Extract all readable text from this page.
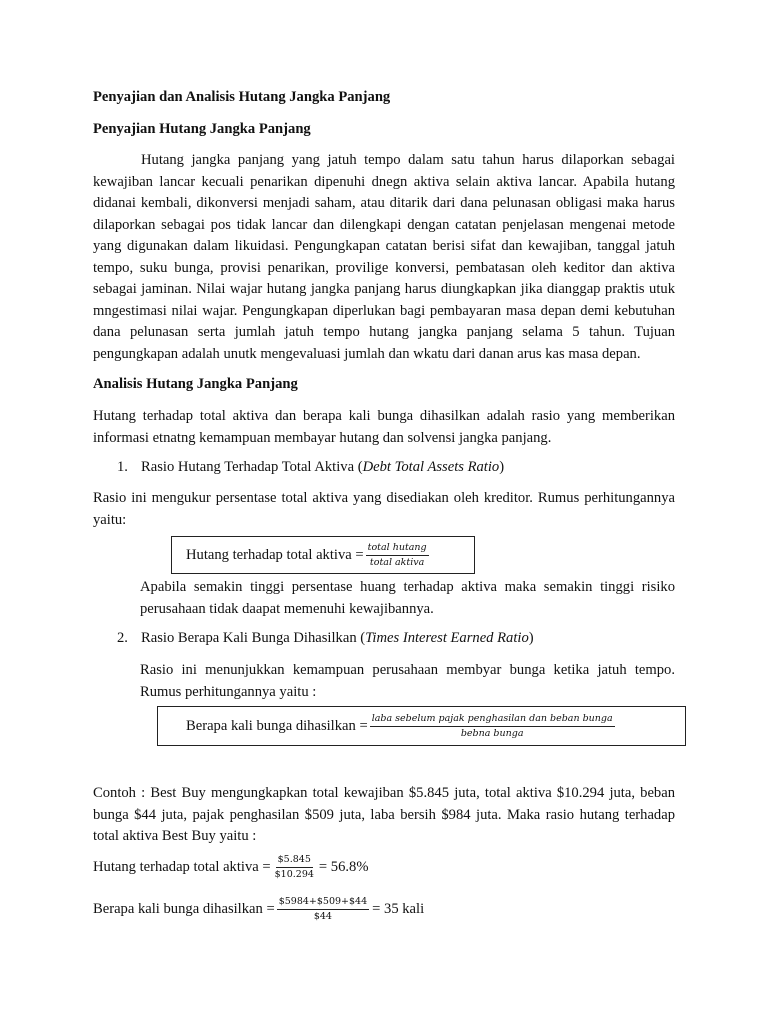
Penyajian dan Analisis Hutang Jangka Panjang
Penyajian Hutang Jangka Panjang
Hutang jangka panjang yang jatuh tempo dalam satu tahun harus dilaporkan sebagai kewajiban lancar kecuali penarikan dipenuhi dnegn aktiva selain aktiva lancar. Apabila hutang didanai kembali, dikonversi menjadi saham, atau ditarik dari dana pelunasan obligasi maka harus dilaporkan sebagai pos tidak lancar dan dilengkapi dengan catatan penjelasan mengenai metode yang digunakan dalam likuidasi. Pengungkapan catatan berisi sifat dan kewajiban, tanggal jatuh tempo, suku bunga, provisi penarikan, provilige konversi, pembatasan oleh keditor dan aktiva sebagai jaminan. Nilai wajar hutang jangka panjang harus diungkapkan jika dianggap praktis utuk mngestimasi nilai wajar. Pengungkapan diperlukan bagi pembayaran masa depan demi kebutuhan dana pelunasan serta jumlah jatuh tempo hutang jangka panjang selama 5 tahun. Tujuan pengungkapan adalah unutk mengevaluasi jumlah dan wkatu dari danan arus kas masa depan.
Analisis Hutang Jangka Panjang
Hutang terhadap total aktiva dan berapa kali bunga dihasilkan adalah rasio yang memberikan informasi etnatng kemampuan membayar hutang dan solvensi jangka panjang.
1. Rasio Hutang Terhadap Total Aktiva (Debt Total Assets Ratio)
Rasio ini mengukur persentase total aktiva yang disediakan oleh kreditor. Rumus perhitungannya yaitu:
Hutang terhadap total aktiva = $\frac{\text{total hutang}}{\text{total aktiva}}$
Apabila semakin tinggi persentase huang terhadap aktiva maka semakin tinggi risiko perusahaan tidak daapat memenuhi kewajibannya.
2. Rasio Berapa Kali Bunga Dihasilkan (Times Interest Earned Ratio)
Rasio ini menunjukkan kemampuan perusahaan membyar bunga ketika jatuh tempo. Rumus perhitungannya yaitu :
Berapa kali bunga dihasilkan = $\frac{\text{laba sebelum pajak penghasilan dan beban bunga}}{\text{bebna bunga}}$
Contoh : Best Buy mengungkapkan total kewajiban $5.845 juta, total aktiva $10.294 juta, beban bunga $44 juta, pajak penghasilan $509 juta, laba bersih $984 juta. Maka rasio hutang terhadap total aktiva Best Buy yaitu :
Hutang terhadap total aktiva = $\frac{\$5.845}{\$10.294} = 56.8\%$
Berapa kali bunga dihasilkan = $\frac{\$5984+\$509+\$44}{\$44} = 35$ kali
